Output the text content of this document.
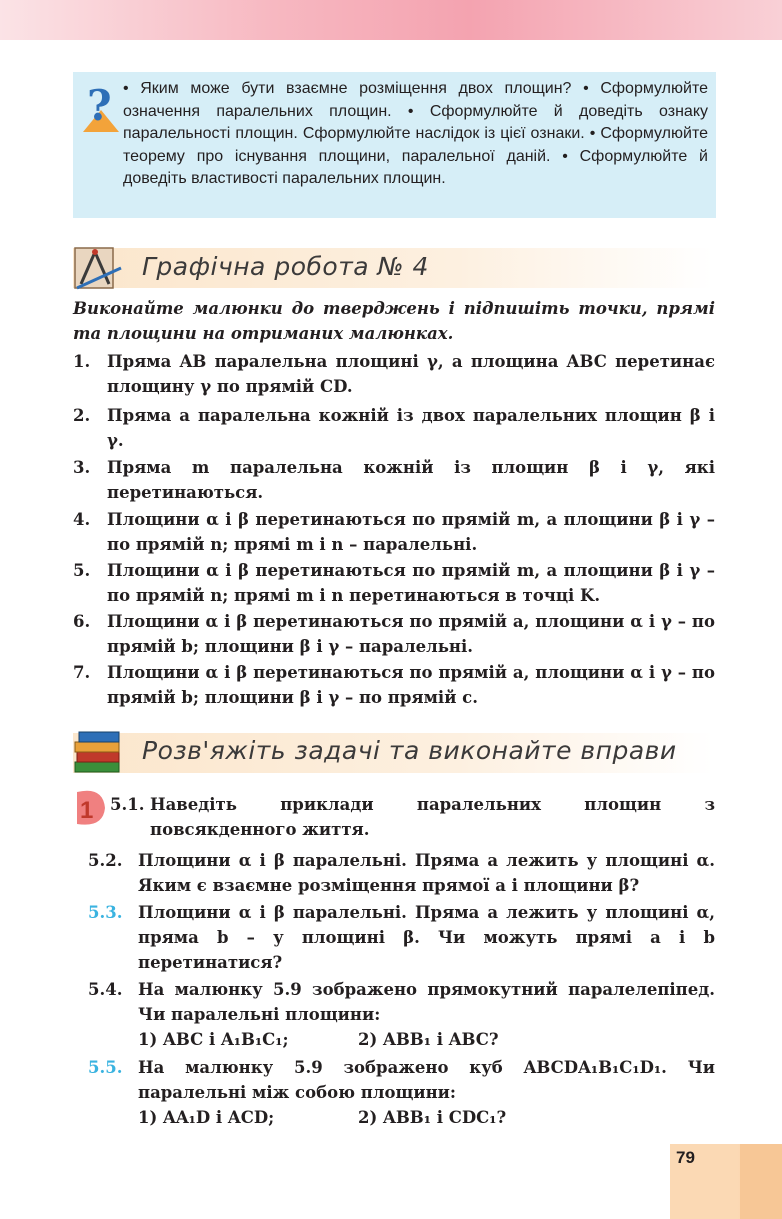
? • Яким може бути взаємне розміщення двох площин? • Сформулюйте означення паралельних площин. • Сформулюйте й доведіть ознаку паралельності площин. Сформулюйте наслідок із цієї ознаки. • Сформулюйте теорему про існування площини, паралельної даній. • Сформулюйте й доведіть властивості паралельних площин.
Графічна робота № 4
Виконайте малюнки до тверджень і підпишіть точки, прямі та площини на отриманих малюнках.
1. Пряма AB паралельна площині γ, а площина ABC перетинає площину γ по прямій CD.
2. Пряма a паралельна кожній із двох паралельних площин β і γ.
3. Пряма m паралельна кожній із площин β і γ, які перетинаються.
4. Площини α і β перетинаються по прямій m, а площини β і γ – по прямій n; прямі m і n – паралельні.
5. Площини α і β перетинаються по прямій m, а площини β і γ – по прямій n; прямі m і n перетинаються в точці K.
6. Площини α і β перетинаються по прямій a, площини α і γ – по прямій b; площини β і γ – паралельні.
7. Площини α і β перетинаються по прямій a, площини α і γ – по прямій b; площини β і γ – по прямій c.
Розв'яжіть задачі та виконайте вправи
1 5.1. Наведіть приклади паралельних площин з повсякденного життя.
5.2. Площини α і β паралельні. Пряма a лежить у площині α. Яким є взаємне розміщення прямої a і площини β?
5.3. Площини α і β паралельні. Пряма a лежить у площині α, пряма b – у площині β. Чи можуть прямі a і b перетинатися?
5.4. На малюнку 5.9 зображено прямокутний паралелепіпед. Чи паралельні площини:
1) ABC і A₁B₁C₁;	2) ABB₁ і ABC?
5.5. На малюнку 5.9 зображено куб ABCDA₁B₁C₁D₁. Чи паралельні між собою площини:
1) AA₁D і ACD;	2) ABB₁ і CDC₁?
79
